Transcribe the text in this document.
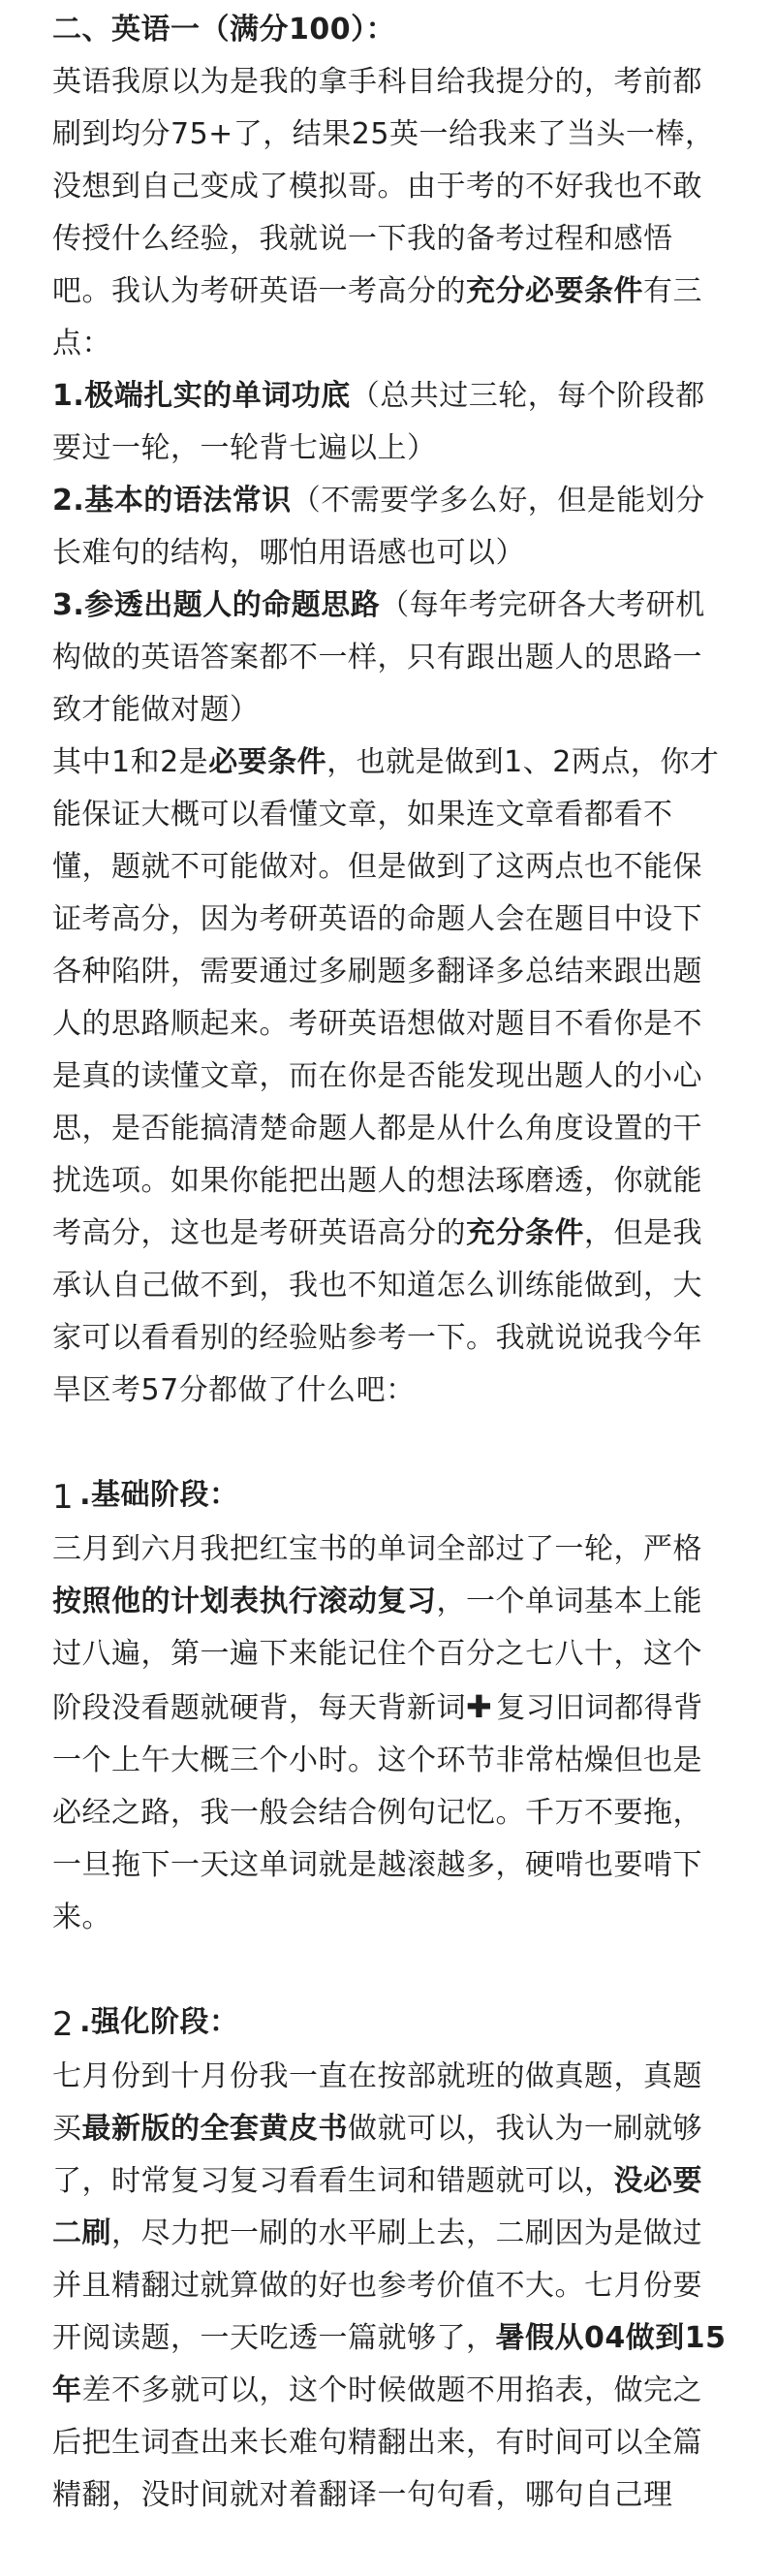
二、英语一（满分100）：

英语我原以为是我的拿手科目给我提分的，考前都刷到均分75+了，结果25英一给我来了当头一棒，没想到自己变成了模拟哥。由于考的不好我也不敢传授什么经验，我就说一下我的备考过程和感悟吧。我认为考研英语一考高分的充分必要条件有三点：

1.极端扎实的单词功底（总共过三轮，每个阶段都要过一轮，一轮背七遍以上）

2.基本的语法常识（不需要学多么好，但是能划分长难句的结构，哪怕用语感也可以）

3.参透出题人的命题思路（每年考完研各大考研机构做的英语答案都不一样，只有跟出题人的思路一致才能做对题）

其中1和2是必要条件，也就是做到1、2两点，你才能保证大概可以看懂文章，如果连文章看都看不懂，题就不可能做对。但是做到了这两点也不能保证考高分，因为考研英语的命题人会在题目中设下各种陷阱，需要通过多刷题多翻译多总结来跟出题人的思路顺起来。考研英语想做对题目不看你是不是真的读懂文章，而在你是否能发现出题人的小心思，是否能搞清楚命题人都是从什么角度设置的干扰选项。如果你能把出题人的想法琢磨透，你就能考高分，这也是考研英语高分的充分条件，但是我承认自己做不到，我也不知道怎么训练能做到，大家可以看看别的经验贴参考一下。我就说说我今年旱区考57分都做了什么吧：

1 .基础阶段：

三月到六月我把红宝书的单词全部过了一轮，严格按照他的计划表执行滚动复习，一个单词基本上能过八遍，第一遍下来能记住个百分之七八十，这个阶段没看题就硬背，每天背新词✚ 复习旧词都得背一个上午大概三个小时。这个环节非常枯燥但也是必经之路，我一般会结合例句记忆。千万不要拖，一旦拖下一天这单词就是越滚越多，硬啃也要啃下来。

2 .强化阶段：

七月份到十月份我一直在按部就班的做真题，真题买最新版的全套黄皮书做就可以，我认为一刷就够了，时常复习复习看看生词和错题就可以，没必要二刷，尽力把一刷的水平刷上去，二刷因为是做过并且精翻过就算做的好也参考价值不大。七月份要开阅读题，一天吃透一篇就够了，暑假从04做到15年差不多就可以，这个时候做题不用掐表，做完之后把生词查出来长难句精翻出来，有时间可以全篇精翻，没时间就对着翻译一句句看，哪句自己理
